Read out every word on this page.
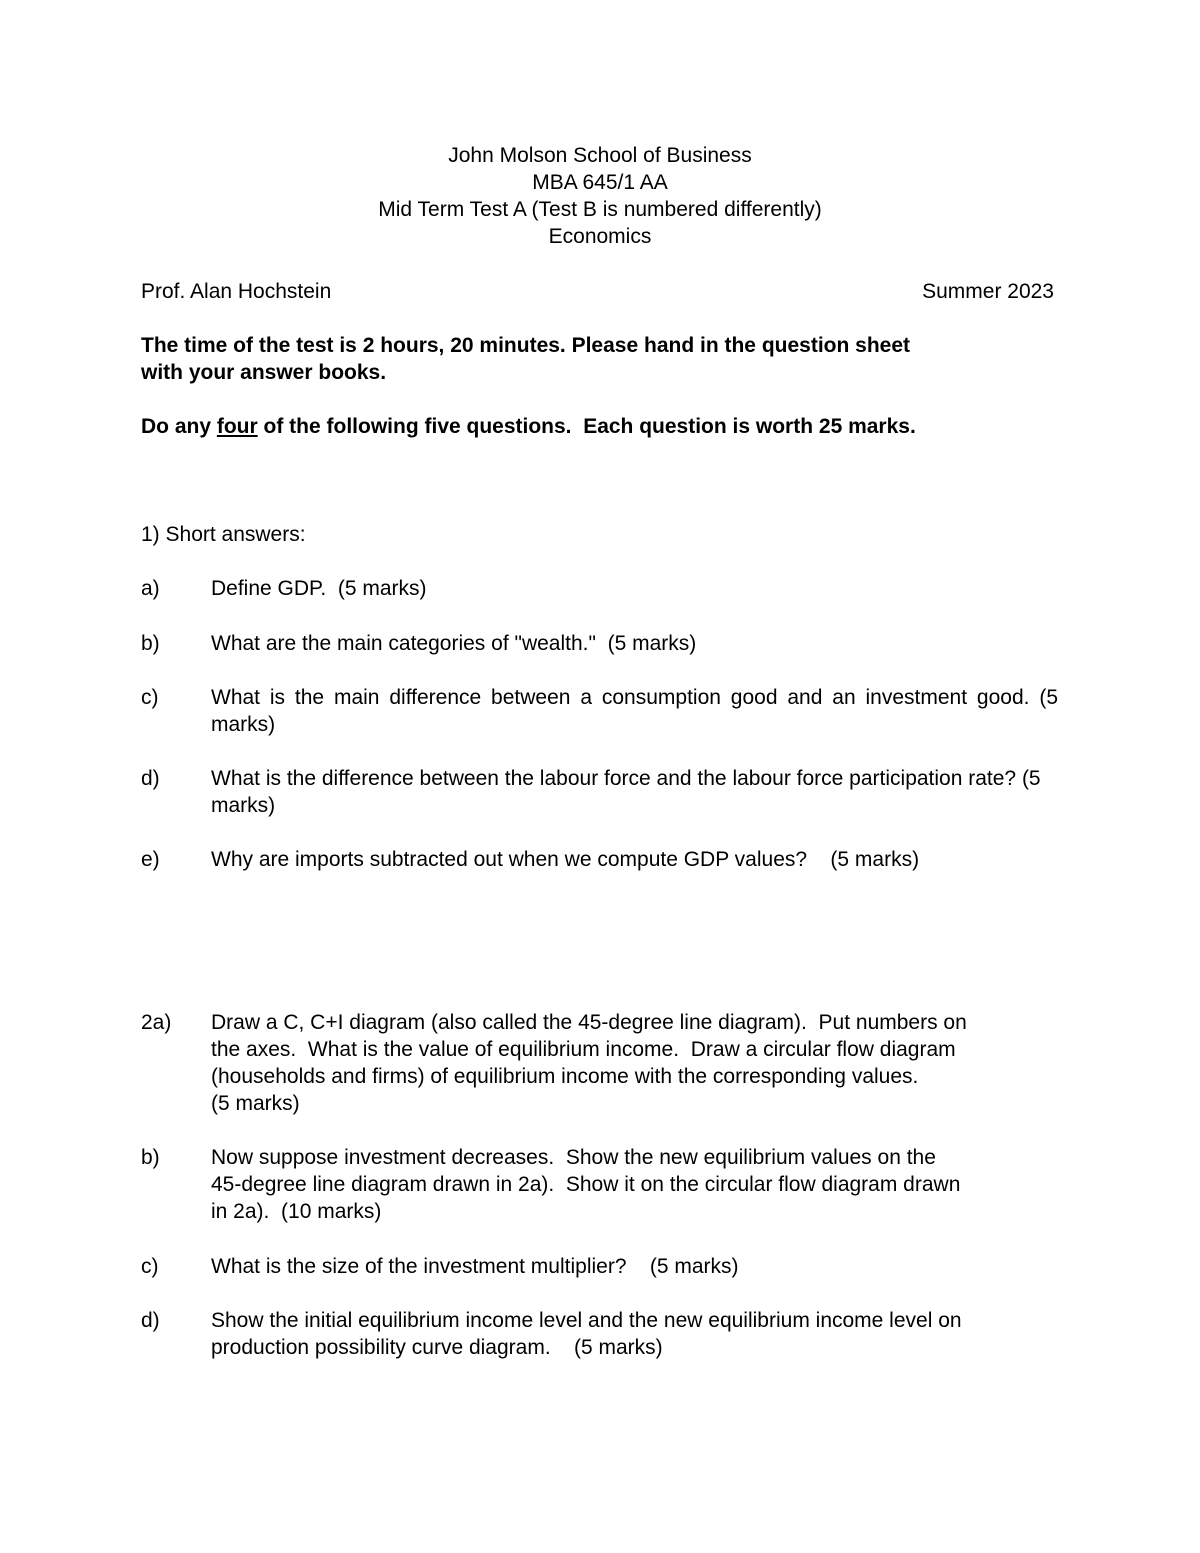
John Molson School of Business
MBA 645/1 AA
Mid Term Test A (Test B is numbered differently)
Economics
Prof. Alan Hochstein	Summer 2023
The time of the test is 2 hours, 20 minutes. Please hand in the question sheet
with your answer books.
Do any four of the following five questions.  Each question is worth 25 marks.
1) Short answers:
a) Define GDP.  (5 marks)
b) What are the main categories of "wealth."  (5 marks)
c)	What is the main difference between a consumption good and an investment good. (5 marks)
d) What is the difference between the labour force and the labour force participation rate? (5 marks)
e) Why are imports subtracted out when we compute GDP values?    (5 marks)
2a) Draw a C, C+I diagram (also called the 45-degree line diagram).  Put numbers on
the axes.  What is the value of equilibrium income.  Draw a circular flow diagram
(households and firms) of equilibrium income with the corresponding values.
(5 marks)
b) Now suppose investment decreases.  Show the new equilibrium values on the
45-degree line diagram drawn in 2a).  Show it on the circular flow diagram drawn
in 2a).  (10 marks)
c)	What is the size of the investment multiplier?    (5 marks)
d) Show the initial equilibrium income level and the new equilibrium income level on
production possibility curve diagram.    (5 marks)
